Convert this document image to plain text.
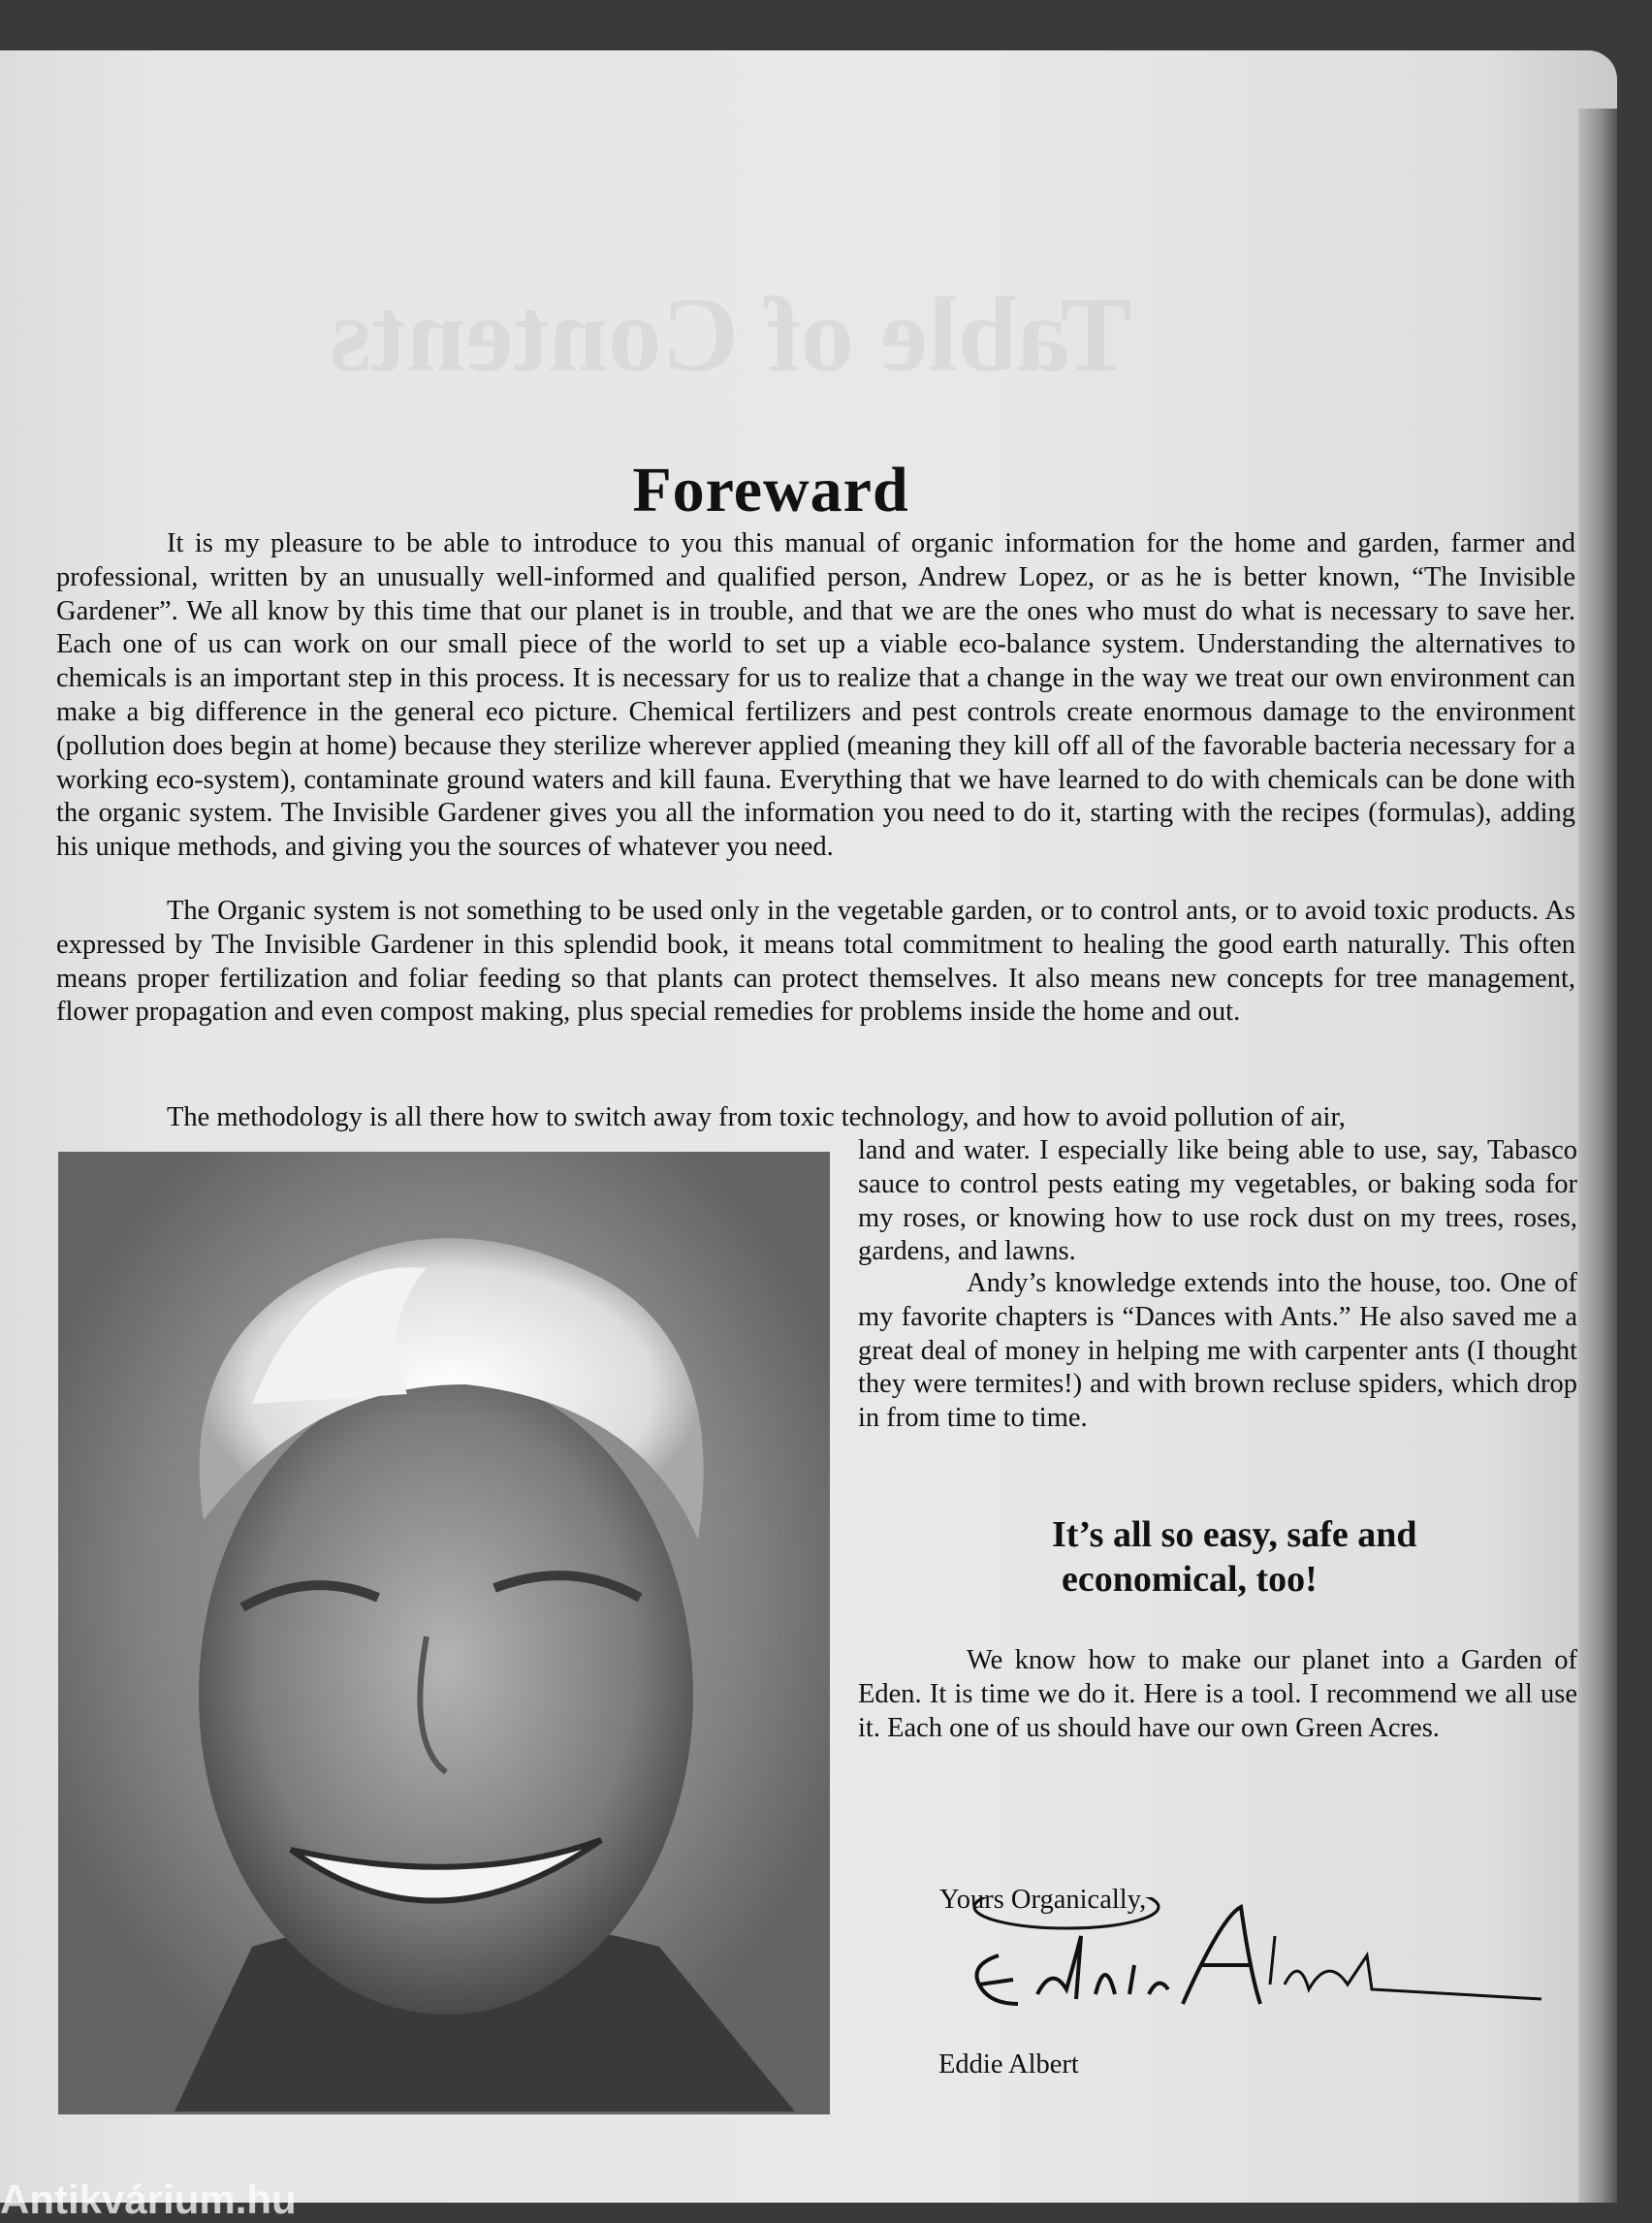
Table of Contents
Foreward

It is my pleasure to be able to introduce to you this manual of organic information for the home and garden, farmer and professional, written by an unusually well-informed and qualified person, Andrew Lopez, or as he is better known, “The Invisible Gardener”. We all know by this time that our planet is in trouble, and that we are the ones who must do what is necessary to save her. Each one of us can work on our small piece of the world to set up a viable eco-balance system. Understanding the alternatives to chemicals is an important step in this process. It is necessary for us to realize that a change in the way we treat our own environment can make a big difference in the general eco picture. Chemical fertilizers and pest controls create enormous damage to the environment (pollution does begin at home) because they sterilize wherever applied (meaning they kill off all of the favorable bacteria necessary for a working eco-system), contaminate ground waters and kill fauna. Everything that we have learned to do with chemicals can be done with the organic system. The Invisible Gardener gives you all the information you need to do it, starting with the recipes (formulas), adding his unique methods, and giving you the sources of whatever you need.

The Organic system is not something to be used only in the vegetable garden, or to control ants, or to avoid toxic products. As expressed by The Invisible Gardener in this splendid book, it means total commitment to healing the good earth naturally. This often means proper fertilization and foliar feeding so that plants can protect themselves. It also means new concepts for tree management, flower propagation and even compost making, plus special remedies for problems inside the home and out.

The methodology is all there how to switch away from toxic technology, and how to avoid pollution of air,

land and water. I especially like being able to use, say, Tabasco sauce to control pests eating my vegetables, or baking soda for my roses, or knowing how to use rock dust on my trees, roses, gardens, and lawns.

Andy’s knowledge extends into the house, too. One of my favorite chapters is “Dances with Ants.” He also saved me a great deal of money in helping me with carpenter ants (I thought they were termites!) and with brown recluse spiders, which drop in from time to time.

It’s all so easy, safe and
economical, too!

We know how to make our planet into a Garden of Eden. It is time we do it. Here is a tool. I recommend we all use it. Each one of us should have our own Green Acres.

Yours Organically,
Eddie Albert
Antikvárium.hu
